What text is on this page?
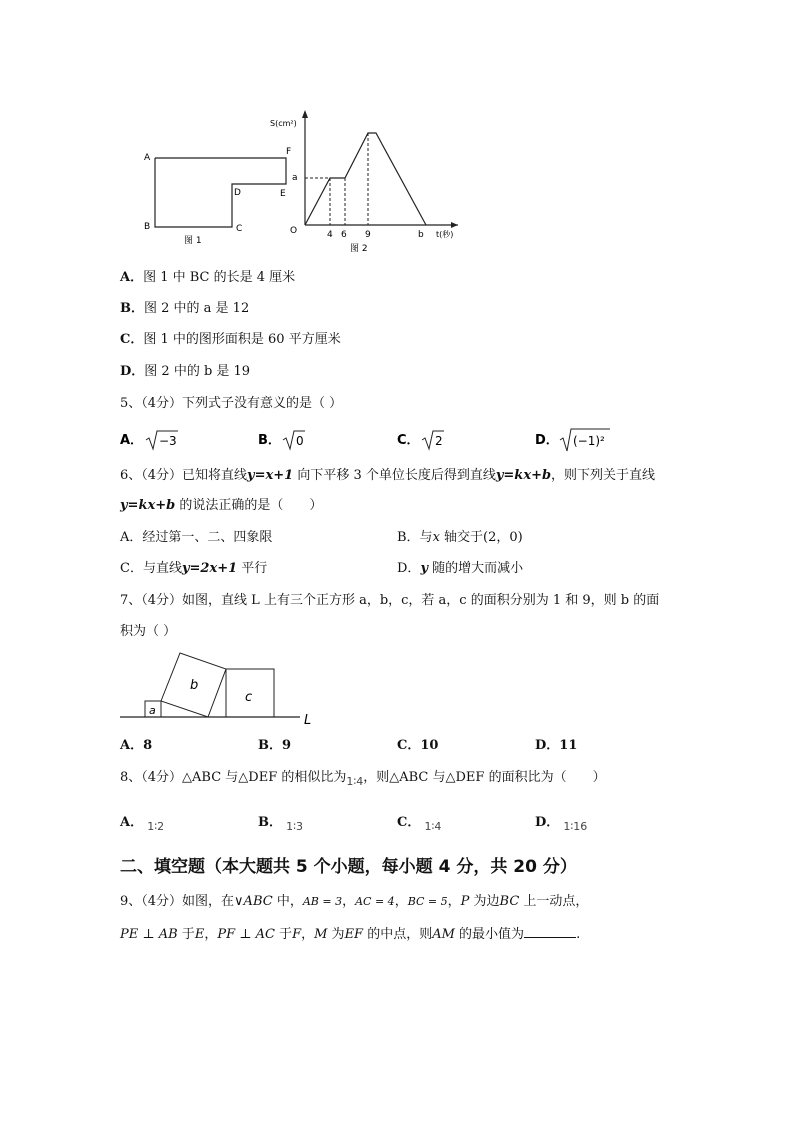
A
B	C
D	E
F
图 1
S(cm²)
t(秒)
O
a
4 6 9	b
图 2
A．图 1 中 BC 的长是 4 厘米
B．图 2 中的 a 是 12
C．图 1 中的图形面积是 60 平方厘米
D．图 2 中的 b 是 19
5、（4分）下列式子没有意义的是（ ）
A． −3	B． 0	C． 2	D． (−1)²
6、（4分）已知将直线y=x+1 向下平移 3 个单位长度后得到直线y=kx+b，则下列关于直线
y=kx+b 的说法正确的是（　　）
A．经过第一、二、四象限	B．与x 轴交于(2，0)
C．与直线y=2x+1 平行	D．y 随的增大而减小
7、（4分）如图，直线 L 上有三个正方形 a，b，c，若 a，c 的面积分别为 1 和 9，则 b 的面
积为（ ）
L
a
b
c
A．8	B．9	C．10	D．11
8、（4分）△ABC 与△DEF 的相似比为$_{1∶4}$，则△ABC 与△DEF 的面积比为（　　）
A． $_{1∶2}$	B． $_{1∶3}$	C． $_{1∶4}$	D． $_{1∶16}$
二、填空题（本大题共 5 个小题，每小题 4 分，共 20 分）
9、（4分）如图，在∨ABC 中，AB = 3，AC = 4，BC = 5，P 为边BC 上一动点，
PE ⊥ AB 于E，PF ⊥ AC 于F，M 为EF 的中点，则AM 的最小值为	.
